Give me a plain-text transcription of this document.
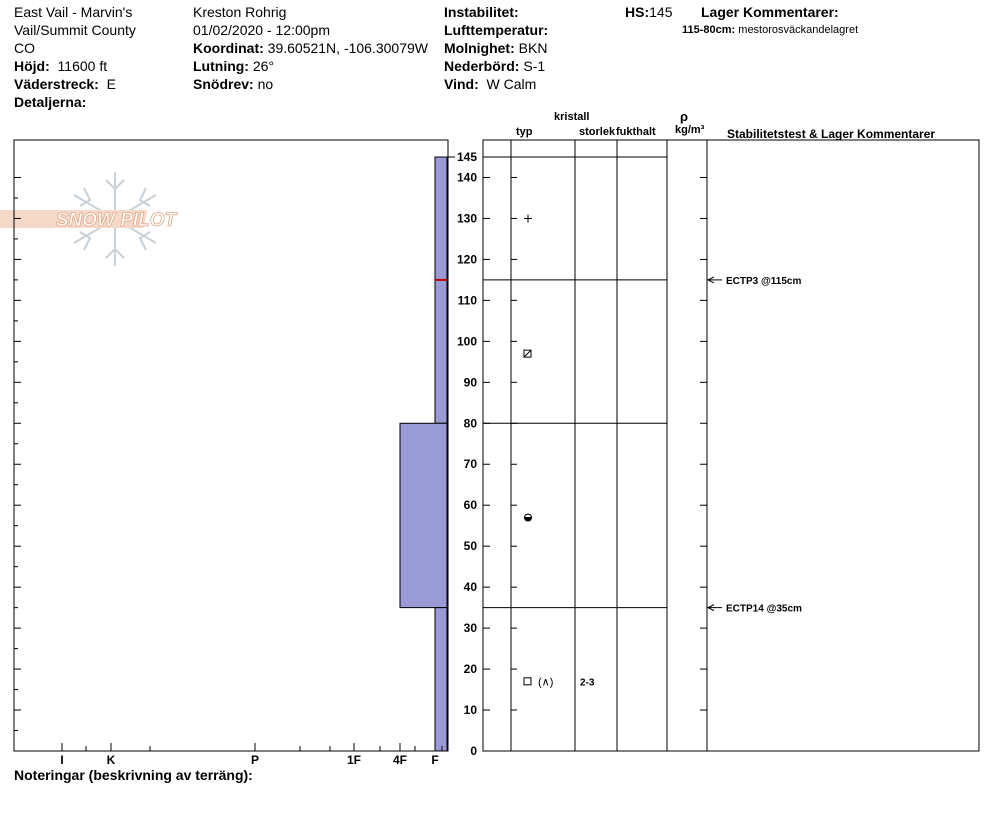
East Vail - Marvin's
Vail/Summit County
CO
Höjd: 11600 ft
Väderstreck: E
Detaljerna:
Kreston Rohrig
01/02/2020 - 12:00pm
Koordinat: 39.60521N, -106.30079W
Lutning: 26°
Snödrev: no
Instabilitet:
Lufttemperatur:
Molnighet: BKN
Nederbörd: S-1
Vind: W Calm
HS:145 Lager Kommentarer:
115-80cm: mestorosväckandelagret
kristall
typ	storlek fukthalt
ρ
kg/m³ Stabilitetstest & Lager Kommentarer
SNOW PILOT
I	K	P	1F	4F F
0
10
20
30
40
50
60
70
80
90
100
110
120
130
140
145
(∧)	2-3
ECTP3 @115cm
ECTP14 @35cm
Noteringar (beskrivning av terräng):
